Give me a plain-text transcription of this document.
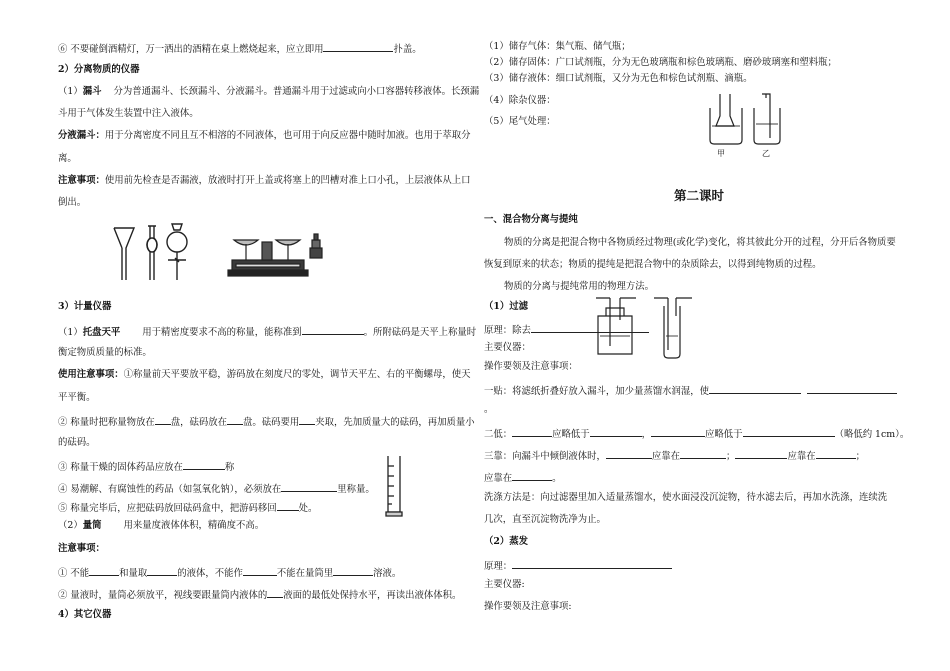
⑥ 不要碰倒酒精灯，万一洒出的酒精在桌上燃烧起来，应立即用	扑盖。
2）分离物质的仪器
（1）漏斗 分为普通漏斗、长颈漏斗、分液漏斗。普通漏斗用于过滤或向小口容器转移液体。长颈漏
斗用于气体发生装置中注入液体。
分液漏斗：用于分离密度不同且互不相溶的不同液体，也可用于向反应器中随时加液。也用于萃取分
离。
注意事项：使用前先检查是否漏液，放液时打开上盖或将塞上的凹槽对准上口小孔，上层液体从上口
倒出。
3）计量仪器
（1）托盘天平 用于精密度要求不高的称量，能称准到	。所附砝码是天平上称量时
衡定物质质量的标准。
使用注意事项：①称量前天平要放平稳，游码放在刻度尺的零处，调节天平左、右的平衡螺母，使天
平平衡。
② 称量时把称量物放在 盘，砝码放在 盘。砝码要用 夹取，先加质量大的砝码，再加质量小
的砝码。
③ 称量干燥的固体药品应放在	称
④ 易潮解、有腐蚀性的药品（如氢氧化钠），必须放在	里称量。
⑤ 称量完毕后，应把砝码放回砝码盒中，把游码移回 处。
（2）量筒 用来量度液体体积，精确度不高。
注意事项：
① 不能	和量取	的液体，不能作	不能在量筒里	溶液。
② 量液时，量筒必须放平，视线要跟量筒内液体的 液面的最低处保持水平，再读出液体体积。
4）其它仪器
（1）储存气体：集气瓶、储气瓶；
（2）储存固体：广口试剂瓶，分为无色玻璃瓶和棕色玻璃瓶、磨砂玻璃塞和塑料瓶；
（3）储存液体：细口试剂瓶，又分为无色和棕色试剂瓶、滴瓶。
（4）除杂仪器：
（5）尾气处理：
第二课时
一、混合物分离与提纯
物质的分离是把混合物中各物质经过物理(或化学)变化，将其彼此分开的过程，分开后各物质要
恢复到原来的状态；物质的提纯是把混合物中的杂质除去，以得到纯物质的过程。
物质的分离与提纯常用的物理方法。
（1）过滤
原理：除去
主要仪器：
操作要领及注意事项：
一贴：将滤纸折叠好放入漏斗，加少量蒸馏水润湿，使
。
二低：	应略低于	，	应略低于	（略低约 1cm）。
三靠：向漏斗中倾倒液体时，	应靠在	；	应靠在	；
应靠在	。
洗涤方法是：向过滤器里加入适量蒸馏水，使水面浸没沉淀物，待水滤去后，再加水洗涤，连续洗
几次，直至沉淀物洗净为止。
（2）蒸发
原理：
主要仪器:
操作要领及注意事项:
甲	乙
